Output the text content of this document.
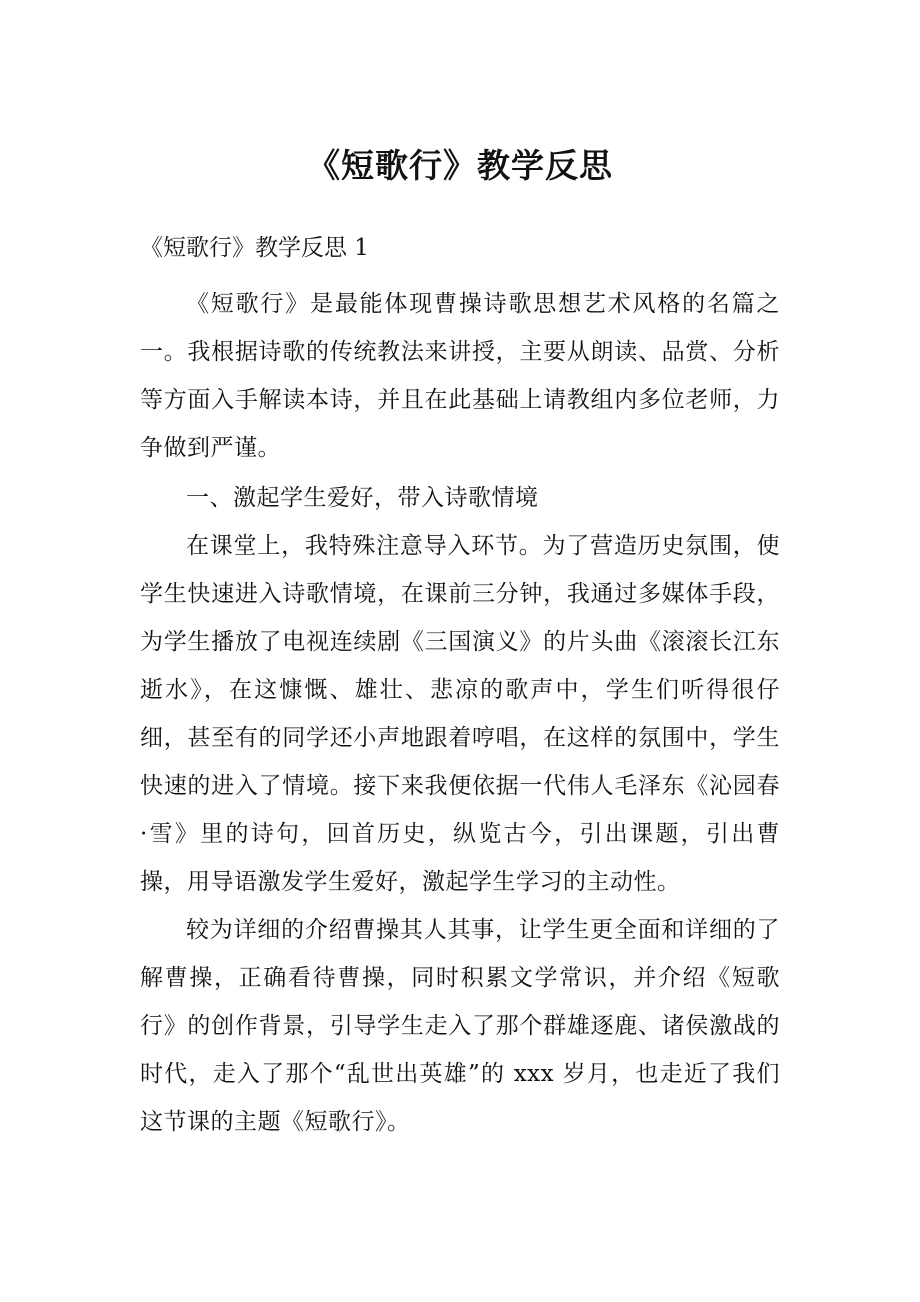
《短歌行》教学反思
《短歌行》教学反思 1

《短歌行》是最能体现曹操诗歌思想艺术风格的名篇之一。我根据诗歌的传统教法来讲授，主要从朗读、品赏、分析等方面入手解读本诗，并且在此基础上请教组内多位老师，力争做到严谨。

一、激起学生爱好，带入诗歌情境

在课堂上，我特殊注意导入环节。为了营造历史氛围，使学生快速进入诗歌情境，在课前三分钟，我通过多媒体手段，为学生播放了电视连续剧《三国演义》的片头曲《滚滚长江东逝水》，在这慷慨、雄壮、悲凉的歌声中，学生们听得很仔细，甚至有的同学还小声地跟着哼唱，在这样的氛围中，学生快速的进入了情境。接下来我便依据一代伟人毛泽东《沁园春·雪》里的诗句，回首历史，纵览古今，引出课题，引出曹操，用导语激发学生爱好，激起学生学习的主动性。

较为详细的介绍曹操其人其事，让学生更全面和详细的了解曹操，正确看待曹操，同时积累文学常识，并介绍《短歌行》的创作背景，引导学生走入了那个群雄逐鹿、诸侯激战的时代，走入了那个“乱世出英雄”的 xxx 岁月，也走近了我们这节课的主题《短歌行》。
